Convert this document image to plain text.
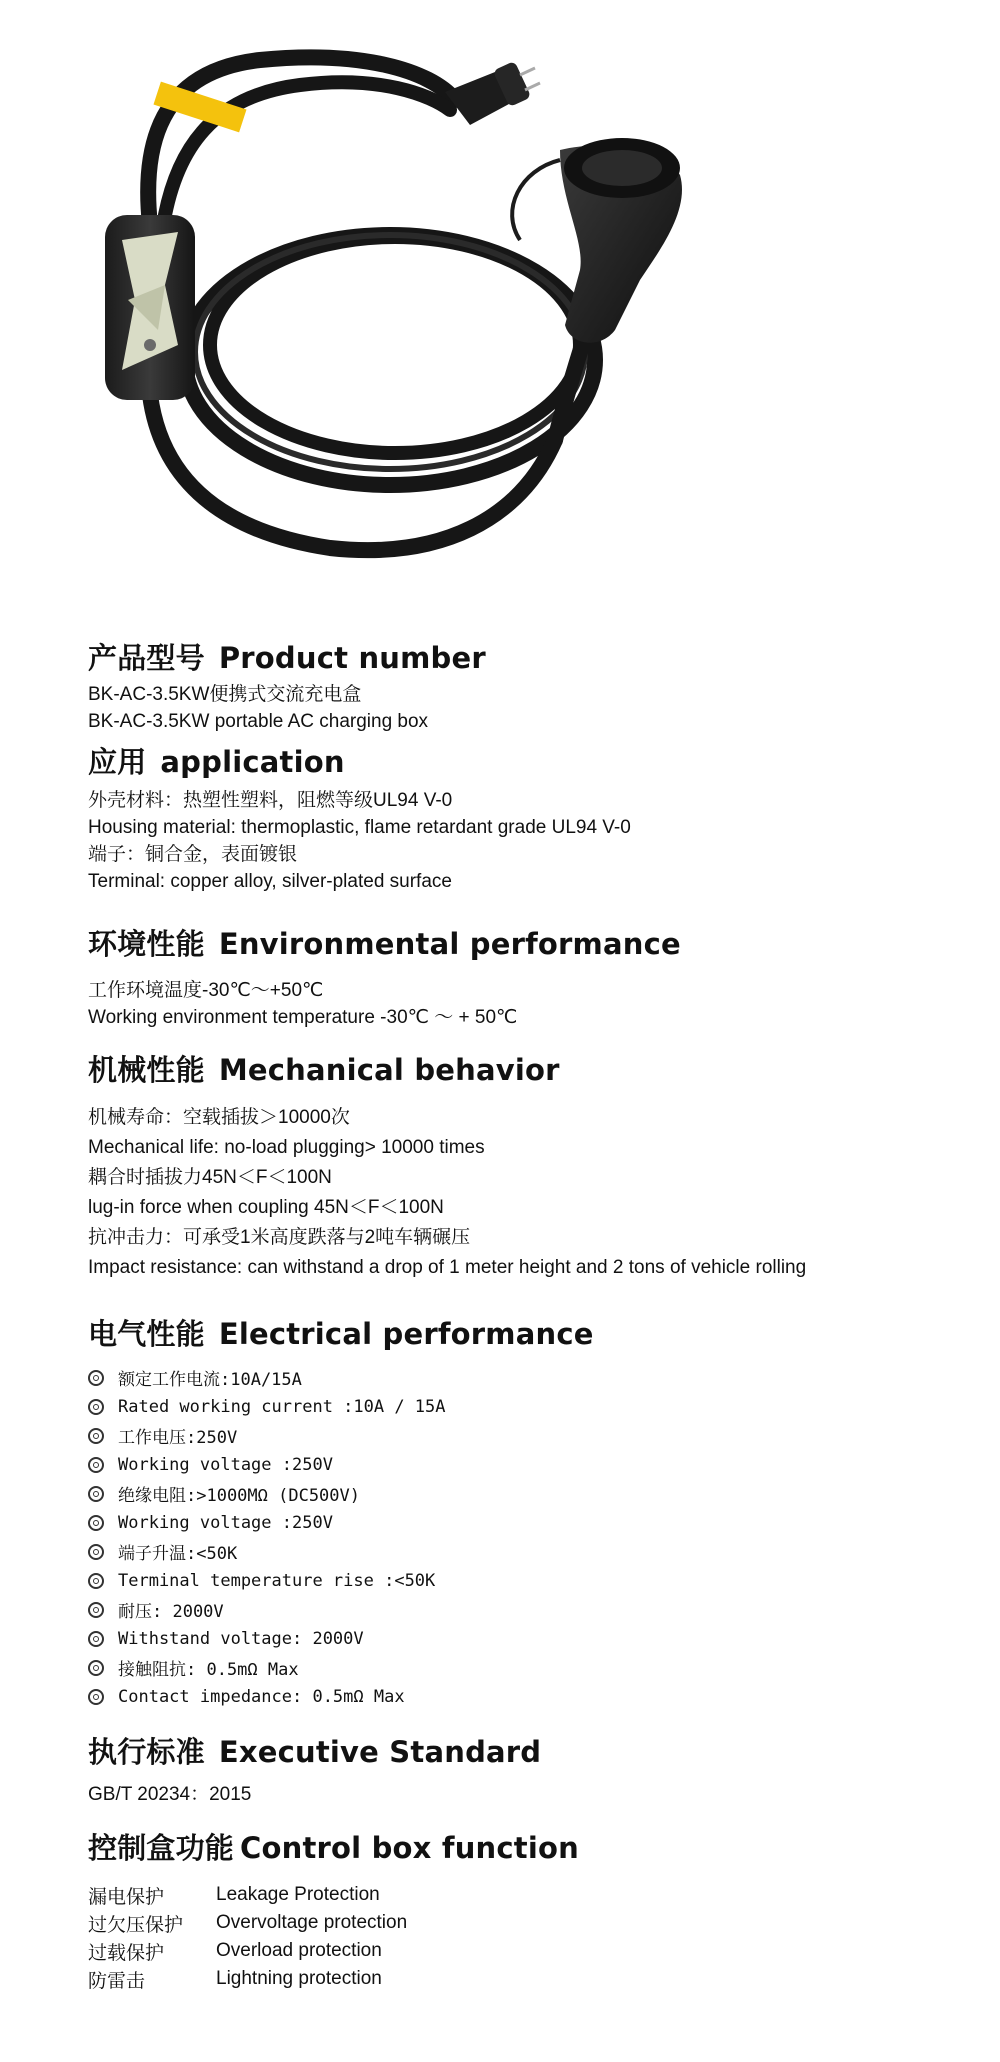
产品型号 Product number

BK-AC-3.5KW便携式交流充电盒

BK-AC-3.5KW portable AC charging box

应用 application

外壳材料：热塑性塑料，阻燃等级UL94 V-0

Housing material: thermoplastic, flame retardant grade UL94 V-0

端子：铜合金，表面镀银

Terminal: copper alloy, silver-plated surface

环境性能 Environmental performance

工作环境温度-30℃～+50℃

Working environment temperature -30℃ ～ + 50℃

机械性能 Mechanical behavior

机械寿命：空载插拔＞10000次

Mechanical life: no-load plugging> 10000 times

耦合时插拔力45N＜F＜100N

lug-in force when coupling 45N＜F＜100N

抗冲击力：可承受1米高度跌落与2吨车辆碾压

Impact resistance: can withstand a drop of 1 meter height and 2 tons of vehicle rolling

电气性能 Electrical performance
额定工作电流:10A/15A
Rated working current :10A / 15A
工作电压:250V
Working voltage :250V
绝缘电阻:>1000MΩ (DC500V)
Working voltage :250V
端子升温:<50K
Terminal temperature rise :<50K
耐压: 2000V
Withstand voltage: 2000V
接触阻抗: 0.5mΩ Max
Contact impedance: 0.5mΩ Max
执行标准 Executive Standard

GB/T 20234：2015

控制盒功能 Control box function
漏电保护	Leakage Protection
过欠压保护	Overvoltage protection
过载保护	Overload protection
防雷击	Lightning protection
